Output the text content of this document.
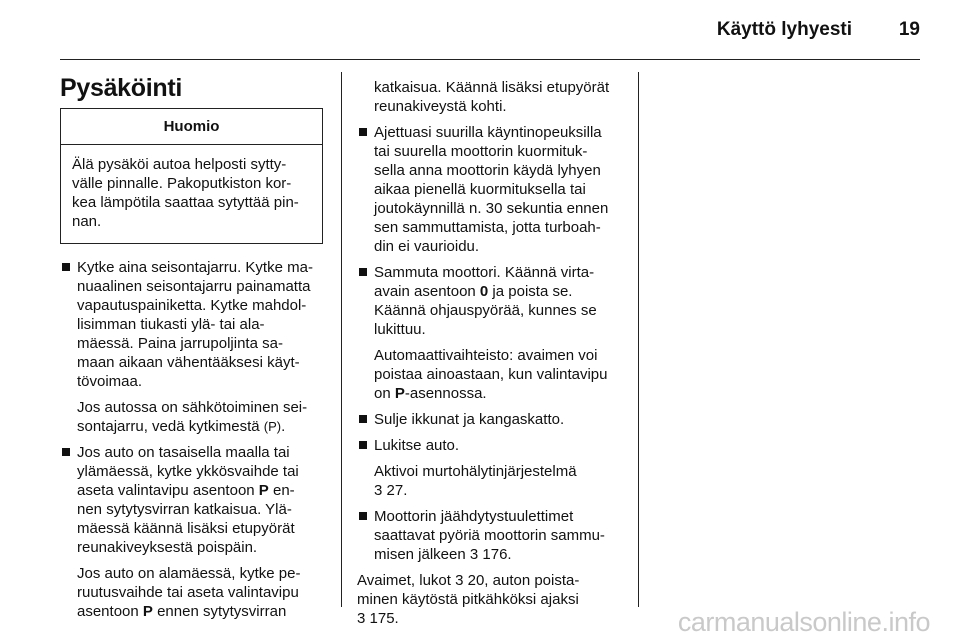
Käyttö lyhyesti 19
Pysäköinti
Huomio
Älä pysäköi autoa helposti sytty-
välle pinnalle. Pakoputkiston kor-
kea lämpötila saattaa sytyttää pin-
nan.
Kytke aina seisontajarru. Kytke ma-
nuaalinen seisontajarru painamatta
vapautuspainiketta. Kytke mahdol-
lisimman tiukasti ylä- tai ala-
mäessä. Paina jarrupoljinta sa-
maan aikaan vähentääksesi käyt-
tövoimaa.
Jos autossa on sähkötoiminen sei-
sontajarru, vedä kytkimestä (P).
Jos auto on tasaisella maalla tai
ylämäessä, kytke ykkösvaihde tai
aseta valintavipu asentoon P en-
nen sytytysvirran katkaisua. Ylä-
mäessä käännä lisäksi etupyörät
reunakiveyksestä poispäin.
Jos auto on alamäessä, kytke pe-
ruutusvaihde tai aseta valintavipu
asentoon P ennen sytytysvirran
katkaisua. Käännä lisäksi etupyörät
reunakiveystä kohti.
Ajettuasi suurilla käyntinopeuksilla
tai suurella moottorin kuormituk-
sella anna moottorin käydä lyhyen
aikaa pienellä kuormituksella tai
joutokäynnillä n. 30 sekuntia ennen
sen sammuttamista, jotta turboah-
din ei vaurioidu.
Sammuta moottori. Käännä virta-
avain asentoon 0 ja poista se.
Käännä ohjauspyörää, kunnes se
lukittuu.
Automaattivaihteisto: avaimen voi
poistaa ainoastaan, kun valintavipu
on P-asennossa.
Sulje ikkunat ja kangaskatto.
Lukitse auto.
Aktivoi murtohälytinjärjestelmä
3 27.
Moottorin jäähdytystuulettimet
saattavat pyöriä moottorin sammu-
misen jälkeen 3 176.
Avaimet, lukot 3 20, auton poista-
minen käytöstä pitkähköksi ajaksi
3 175.	carmanualsonline.info
